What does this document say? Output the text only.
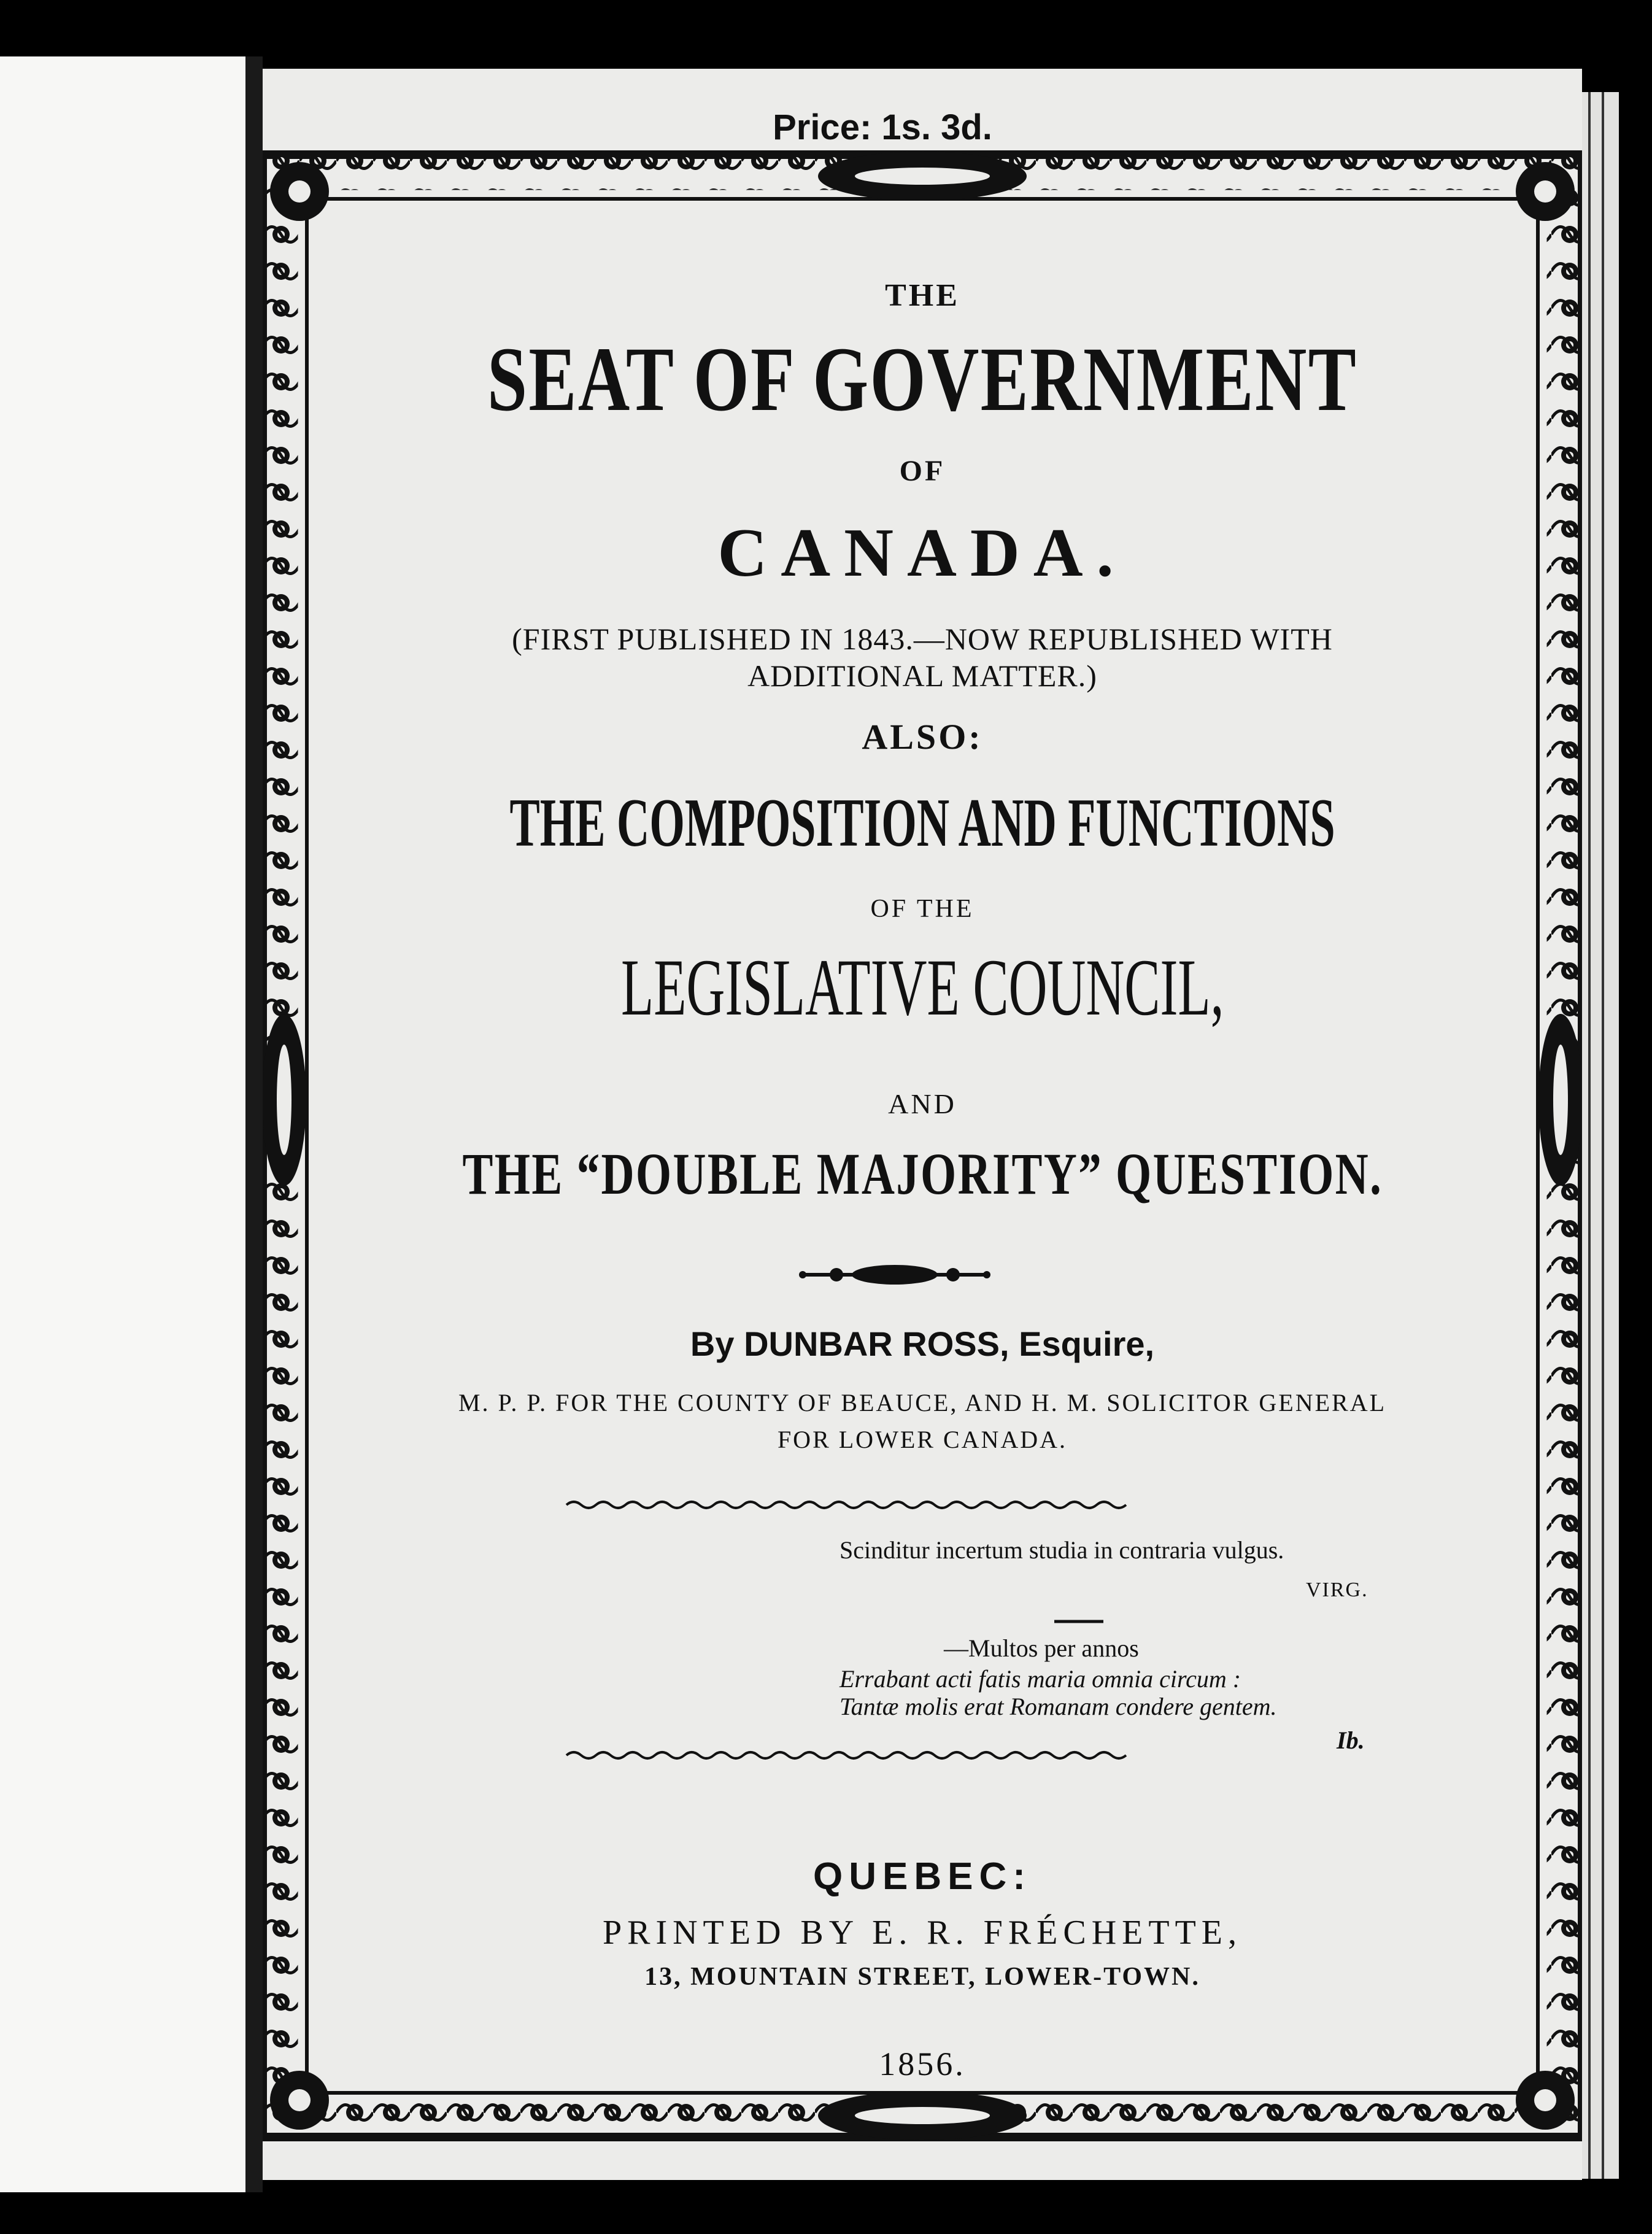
Price: 1s. 3d.
THE
SEAT OF GOVERNMENT
OF
CANADA.
(FIRST PUBLISHED IN 1843.—NOW REPUBLISHED WITH
ADDITIONAL MATTER.)
ALSO:
THE COMPOSITION AND FUNCTIONS
OF THE
LEGISLATIVE COUNCIL,
AND
THE “DOUBLE MAJORITY” QUESTION.
By DUNBAR ROSS, Esquire,
M. P. P. FOR THE COUNTY OF BEAUCE, AND H. M. SOLICITOR GENERAL
FOR LOWER CANADA.
Scinditur incertum studia in contraria vulgus.
VIRG.
—Multos per annos
Errabant acti fatis maria omnia circum :
Tantæ molis erat Romanam condere gentem.
Ib.
QUEBEC:
PRINTED BY E. R. FRÉCHETTE,
13, MOUNTAIN STREET, LOWER-TOWN.
1856.
